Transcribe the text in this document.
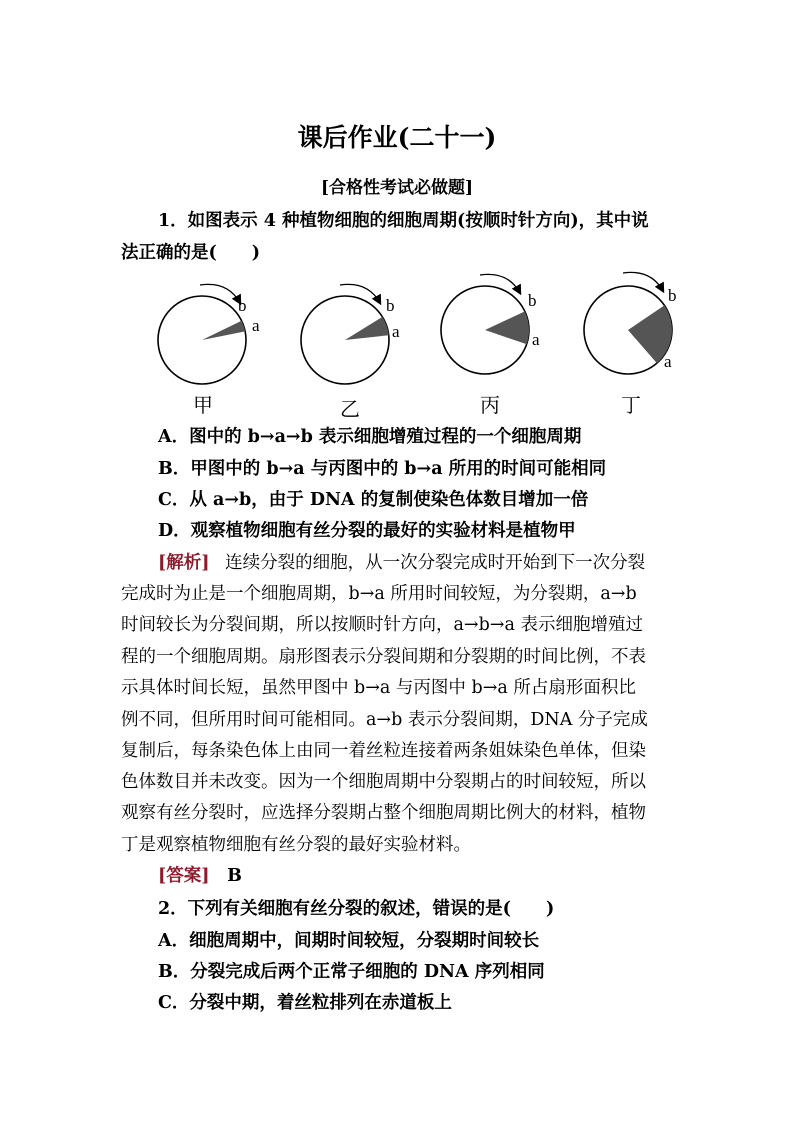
课后作业(二十一)
[合格性考试必做题]
1．如图表示 4 种植物细胞的细胞周期(按顺时针方向)，其中说
法正确的是(　　)
b
a
b
a
b
a
b
a
甲	乙	丙	丁
A．图中的 b→a→b 表示细胞增殖过程的一个细胞周期
B．甲图中的 b→a 与丙图中的 b→a 所用的时间可能相同
C．从 a→b，由于 DNA 的复制使染色体数目增加一倍
D．观察植物细胞有丝分裂的最好的实验材料是植物甲
[解析] 连续分裂的细胞，从一次分裂完成时开始到下一次分裂
完成时为止是一个细胞周期，b→a 所用时间较短，为分裂期，a→b
时间较长为分裂间期，所以按顺时针方向，a→b→a 表示细胞增殖过
程的一个细胞周期。扇形图表示分裂间期和分裂期的时间比例，不表
示具体时间长短，虽然甲图中 b→a 与丙图中 b→a 所占扇形面积比
例不同，但所用时间可能相同。a→b 表示分裂间期，DNA 分子完成
复制后，每条染色体上由同一着丝粒连接着两条姐妹染色单体，但染
色体数目并未改变。因为一个细胞周期中分裂期占的时间较短，所以
观察有丝分裂时，应选择分裂期占整个细胞周期比例大的材料，植物
丁是观察植物细胞有丝分裂的最好实验材料。
[答案] B
2．下列有关细胞有丝分裂的叙述，错误的是(　　)
A．细胞周期中，间期时间较短，分裂期时间较长
B．分裂完成后两个正常子细胞的 DNA 序列相同
C．分裂中期，着丝粒排列在赤道板上
